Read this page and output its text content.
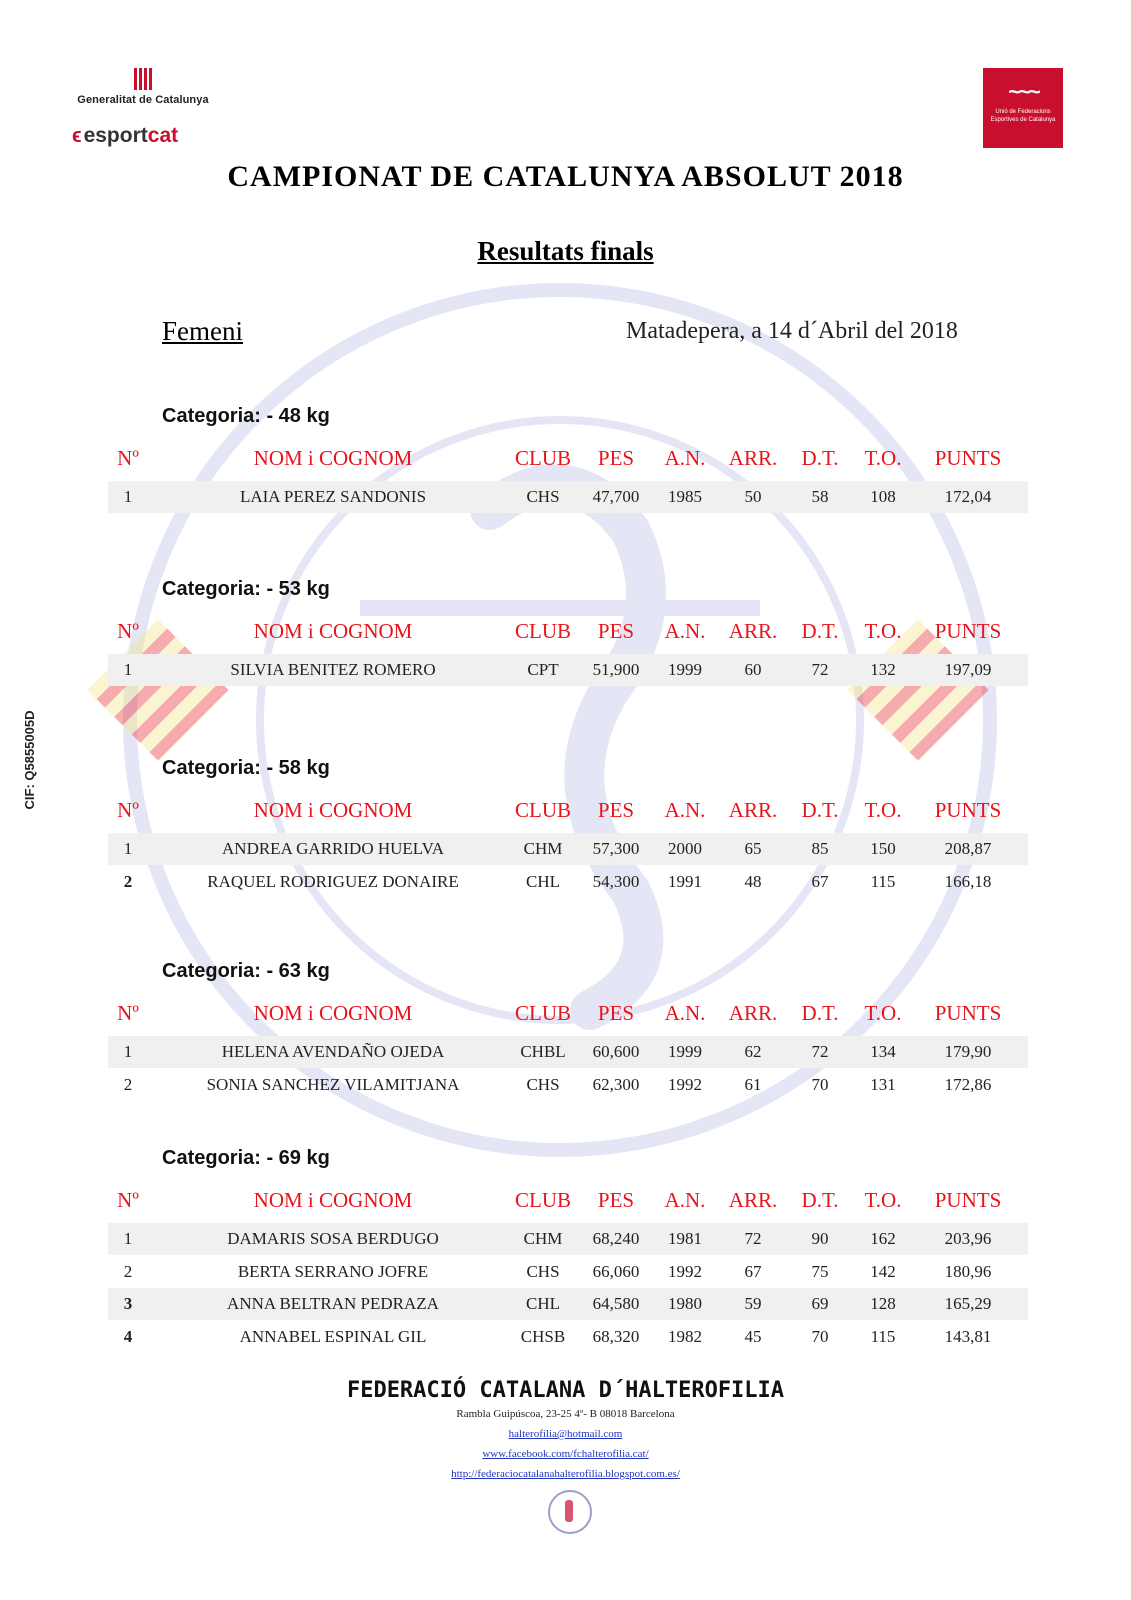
Generalitat de Catalunya
ϵesportcat
~~~
Unió de Federacions
Esportives de Catalunya
CAMPIONAT DE CATALUNYA ABSOLUT 2018
Resultats finals
Femeni	Matadepera, a 14 d´Abril del 2018
CIF: Q5855005D
Categoria: - 48 kg
Nº	NOM i COGNOM	CLUB	PES	A.N.	ARR.	D.T.	T.O.	PUNTS
1	LAIA PEREZ SANDONIS	CHS	47,700	1985	50	58	108	172,04
Categoria: - 53 kg
Nº	NOM i COGNOM	CLUB	PES	A.N.	ARR.	D.T.	T.O.	PUNTS
1	SILVIA BENITEZ ROMERO	CPT	51,900	1999	60	72	132	197,09
Categoria: - 58 kg
Nº	NOM i COGNOM	CLUB	PES	A.N.	ARR.	D.T.	T.O.	PUNTS
1	ANDREA GARRIDO HUELVA	CHM	57,300	2000	65	85	150	208,87
2	RAQUEL RODRIGUEZ DONAIRE	CHL	54,300	1991	48	67	115	166,18
Categoria: - 63 kg
Nº	NOM i COGNOM	CLUB	PES	A.N.	ARR.	D.T.	T.O.	PUNTS
1	HELENA AVENDAÑO OJEDA	CHBL	60,600	1999	62	72	134	179,90
2	SONIA SANCHEZ VILAMITJANA	CHS	62,300	1992	61	70	131	172,86
Categoria: - 69 kg
Nº	NOM i COGNOM	CLUB	PES	A.N.	ARR.	D.T.	T.O.	PUNTS
1	DAMARIS SOSA BERDUGO	CHM	68,240	1981	72	90	162	203,96
2	BERTA SERRANO JOFRE	CHS	66,060	1992	67	75	142	180,96
3	ANNA BELTRAN PEDRAZA	CHL	64,580	1980	59	69	128	165,29
4	ANNABEL ESPINAL GIL	CHSB	68,320	1982	45	70	115	143,81
FEDERACIÓ CATALANA D´HALTEROFILIA
Rambla Guipúscoa, 23-25 4º- B 08018 Barcelona
halterofilia@hotmail.com
www.facebook.com/fchalterofilia.cat/
http://federaciocatalanahalterofilia.blogspot.com.es/
